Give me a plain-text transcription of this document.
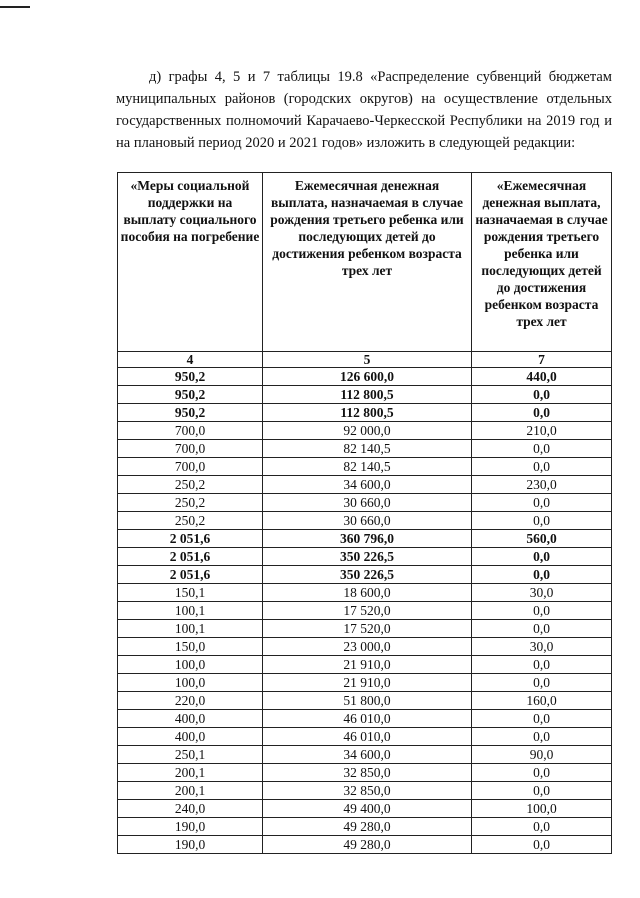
д) графы 4, 5 и 7 таблицы 19.8 «Распределение субвенций бюджетам муниципальных районов (городских округов) на осуществление отдельных государственных полномочий Карачаево-Черкесской Республики на 2019 год и на плановый период 2020 и 2021 годов» изложить в следующей редакции:

«Меры социальной поддержки на выплату социального пособия на погребение	Ежемесячная денежная выплата, назначаемая в случае рождения третьего ребенка или последующих детей до достижения ребенком возраста трех лет	«Ежемесячная денежная выплата, назначаемая в случае рождения третьего ребенка или последующих детей до достижения ребенком возраста трех лет
4	5	7
950,2	126 600,0	440,0
950,2	112 800,5	0,0
950,2	112 800,5	0,0
700,0	92 000,0	210,0
700,0	82 140,5	0,0
700,0	82 140,5	0,0
250,2	34 600,0	230,0
250,2	30 660,0	0,0
250,2	30 660,0	0,0
2 051,6	360 796,0	560,0
2 051,6	350 226,5	0,0
2 051,6	350 226,5	0,0
150,1	18 600,0	30,0
100,1	17 520,0	0,0
100,1	17 520,0	0,0
150,0	23 000,0	30,0
100,0	21 910,0	0,0
100,0	21 910,0	0,0
220,0	51 800,0	160,0
400,0	46 010,0	0,0
400,0	46 010,0	0,0
250,1	34 600,0	90,0
200,1	32 850,0	0,0
200,1	32 850,0	0,0
240,0	49 400,0	100,0
190,0	49 280,0	0,0
190,0	49 280,0	0,0
